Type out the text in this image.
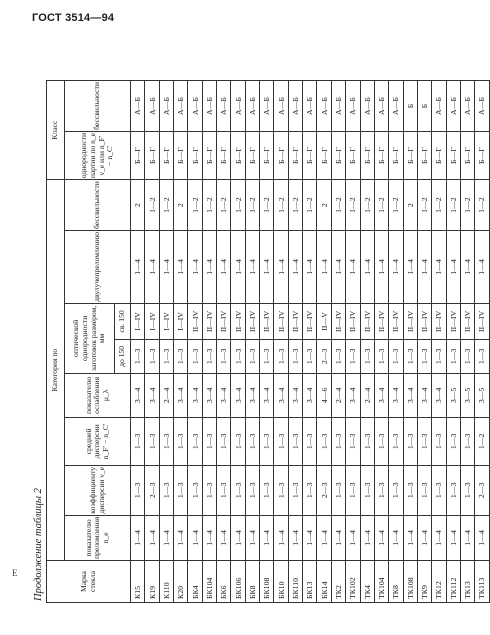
ГОСТ 3514—94
Продолжение таблицы 2	Марка стекла	Категория по								Класс	

	показателю преломления n_e	коэффициенту дисперсии ν_e	средней дисперсии n_F′ − n_C′	показателю ослабления μ_λ	оптической однородности заготовок размером, мм		двулучепреломлению	бессвильности	однородности партии по n_e ν_e или n_F′ − n_C′	бессвильности

					до 150	св. 150				

К15	1—4	1—3	1—3	3—4	1—3	I—IV	1—4	2	Б—Г	А—Б
К19	1—4	2—3	1—3	3—4	1—3	I—IV	1—4	1—2	Б—Г	А—Б
К110	1—4	1—3	1—3	2—4	1—3	I—IV	1—4	1—2	Б—Г	А—Б
К20	1—4	1—3	1—3	3—4	1—3	I—IV	1—4	2	Б—Г	А—Б
БК4	1—4	1—3	1—3	3—4	1—3	II—IV	1—4	1—2	Б—Г	А—Б
БК104	1—4	1—3	1—3	3—4	1—3	II—IV	1—4	1—2	Б—Г	А—Б
БК6	1—4	1—3	1—3	3—4	1—3	II—IV	1—4	1—2	Б—Г	А—Б
БК106	1—4	1—3	1—3	3—4	1—3	II—IV	1—4	1—2	Б—Г	А—Б
БК8	1—4	1—3	1—3	3—4	1—3	II—IV	1—4	1—2	Б—Г	А—Б
БК108	1—4	1—3	1—3	3—4	1—3	II—IV	1—4	1—2	Б—Г	А—Б
БК10	1—4	1—3	1—3	3—4	1—3	II—IV	1—4	1—2	Б—Г	А—Б
БК110	1—4	1—3	1—3	3—4	1—3	II—IV	1—4	1—2	Б—Г	А—Б
БК13	1—4	1—3	1—3	3—4	1—3	II—IV	1—4	1—2	Б—Г	А—Б
БК14	1—4	2—3	1—3	4—6	2—3	II—V	1—4	2	Б—Г	А—Б
ТК2	1—4	1—3	1—3	2—4	1—3	II—IV	1—4	1—2	Б—Г	А—Б
ТК102	1—4	1—3	1—3	3—4	1—3	II—IV	1—4	1—2	Б—Г	А—Б
ТК4	1—4	1—3	1—3	2—4	1—3	II—IV	1—4	1—2	Б—Г	А—Б
ТК104	1—4	1—3	1—3	3—4	1—3	II—IV	1—4	1—2	Б—Г	А—Б
ТК8	1—4	1—3	1—3	3—4	1—3	II—IV	1—4	1—2	Б—Г	А—Б
ТК108	1—4	1—3	1—3	3—4	1—3	II—IV	1—4	2	Б—Г	Б
ТК9	1—4	1—3	1—3	3—4	1—3	II—IV	1—4	1—2	Б—Г	Б
ТК12	1—4	1—3	1—3	3—4	1—3	II—IV	1—4	1—2	Б—Г	А—Б
ТК112	1—4	1—3	1—3	3—5	1—3	II—IV	1—4	1—2	Б—Г	А—Б
ТК13	1—4	1—3	1—3	3—5	1—3	II—IV	1—4	1—2	Б—Г	А—Б
ТК113	1—4	2—3	1—2	3—5	1—3	II—IV	1—4	1—2	Б—Г	А—Б
Е
